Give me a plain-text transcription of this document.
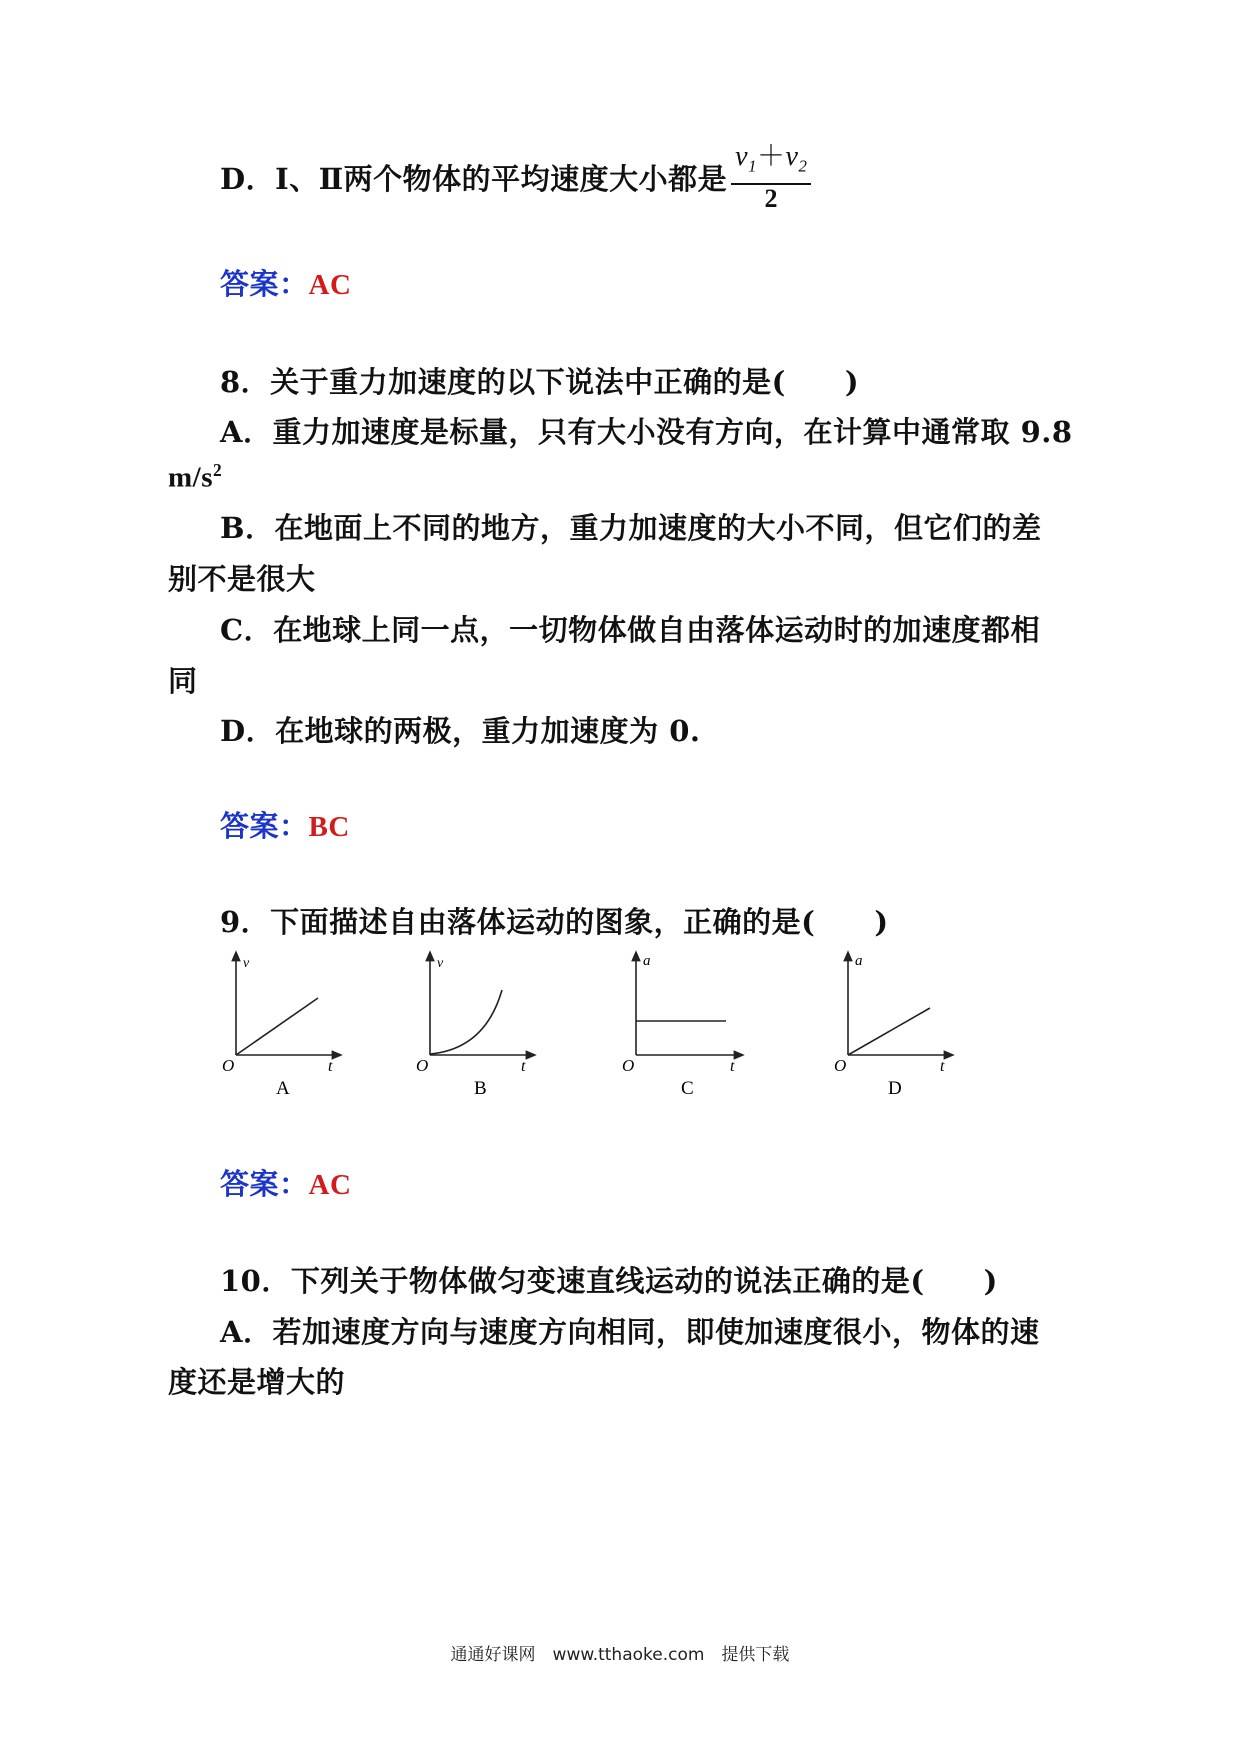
D．Ⅰ、Ⅱ两个物体的平均速度大小都是 $\frac{v_1+v_2}{2}$
答案：AC
8．关于重力加速度的以下说法中正确的是(　　)
A．重力加速度是标量，只有大小没有方向，在计算中通常取 9.8
$m/s^2$
B．在地面上不同的地方，重力加速度的大小不同，但它们的差
别不是很大
C．在地球上同一点，一切物体做自由落体运动时的加速度都相
同
D．在地球的两极，重力加速度为 0.
答案：BC
9．下面描述自由落体运动的图象，正确的是(　　)
v
t
O
A
v
t
O
B
a
t
O
C
a
t
O
D
答案：AC
10．下列关于物体做匀变速直线运动的说法正确的是(　　)
A．若加速度方向与速度方向相同，即使加速度很小，物体的速
度还是增大的
通通好课网　www.tthaoke.com　提供下载
